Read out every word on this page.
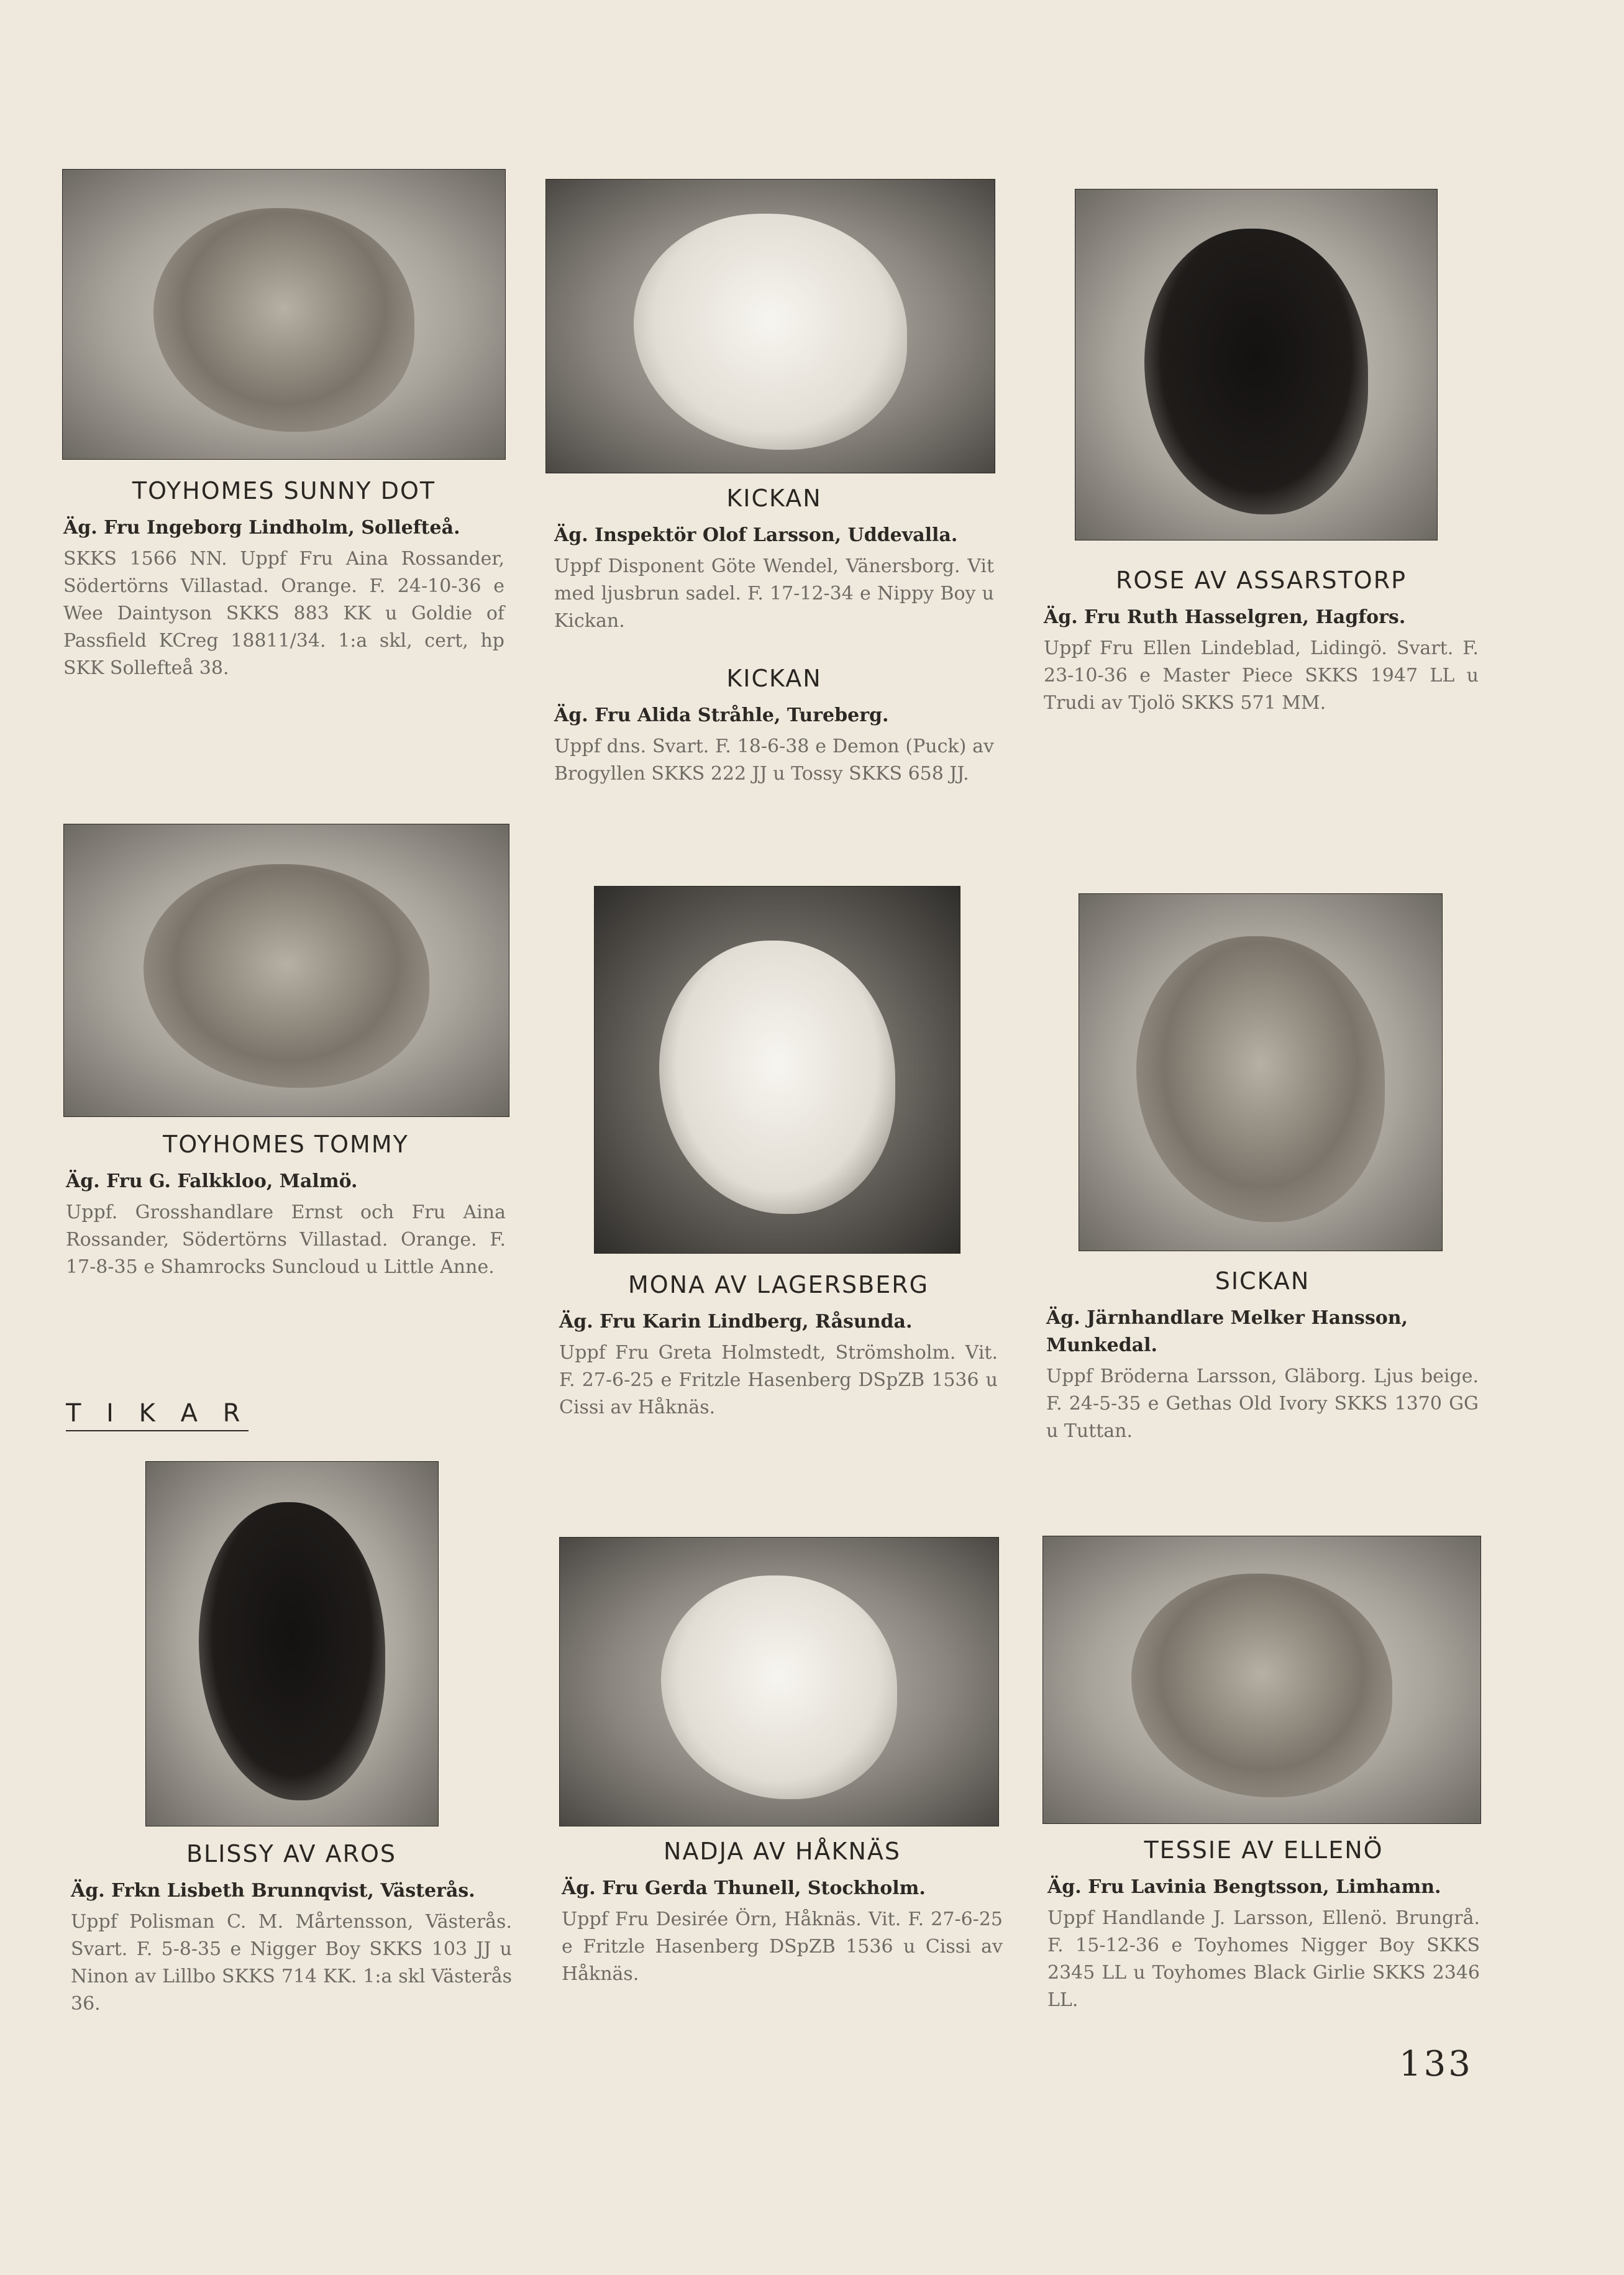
TOYHOMES SUNNY DOT
Äg. Fru Ingeborg Lindholm, Sollefteå.
SKKS 1566 NN. Uppf Fru Aina Rossander, Södertörns Villastad. Orange. F. 24-10-36 e Wee Daintyson SKKS 883 KK u Goldie of Passfield KCreg 18811/34. 1:a skl, cert, hp SKK Sollefteå 38.
KICKAN
Äg. Inspektör Olof Larsson, Uddevalla.
Uppf Disponent Göte Wendel, Vänersborg. Vit med ljusbrun sadel. F. 17-12-34 e Nippy Boy u Kickan.
KICKAN
Äg. Fru Alida Stråhle, Tureberg.
Uppf dns. Svart. F. 18-6-38 e Demon (Puck) av Brogyllen SKKS 222 JJ u Tossy SKKS 658 JJ.
ROSE AV ASSARSTORP
Äg. Fru Ruth Hasselgren, Hagfors.
Uppf Fru Ellen Lindeblad, Lidingö. Svart. F. 23-10-36 e Master Piece SKKS 1947 LL u Trudi av Tjolö SKKS 571 MM.
TOYHOMES TOMMY
Äg. Fru G. Falkkloo, Malmö.
Uppf. Grosshandlare Ernst och Fru Aina Rossander, Södertörns Villastad. Orange. F. 17-8-35 e Shamrocks Suncloud u Little Anne.
MONA AV LAGERSBERG
Äg. Fru Karin Lindberg, Råsunda.
Uppf Fru Greta Holmstedt, Strömsholm. Vit. F. 27-6-25 e Fritzle Hasenberg DSpZB 1536 u Cissi av Håknäs.
SICKAN
Äg. Järnhandlare Melker Hansson, Munkedal.
Uppf Bröderna Larsson, Gläborg. Ljus beige. F. 24-5-35 e Gethas Old Ivory SKKS 1370 GG u Tuttan.
T I K A R
BLISSY AV AROS
Äg. Frkn Lisbeth Brunnqvist, Västerås.
Uppf Polisman C. M. Mårtensson, Västerås. Svart. F. 5-8-35 e Nigger Boy SKKS 103 JJ u Ninon av Lillbo SKKS 714 KK. 1:a skl Västerås 36.
NADJA AV HÅKNÄS
Äg. Fru Gerda Thunell, Stockholm.
Uppf Fru Desirée Örn, Håknäs. Vit. F. 27-6-25 e Fritzle Hasenberg DSpZB 1536 u Cissi av Håknäs.
TESSIE AV ELLENÖ
Äg. Fru Lavinia Bengtsson, Limhamn.
Uppf Handlande J. Larsson, Ellenö. Brungrå. F. 15-12-36 e Toyhomes Nigger Boy SKKS 2345 LL u Toyhomes Black Girlie SKKS 2346 LL.
133
